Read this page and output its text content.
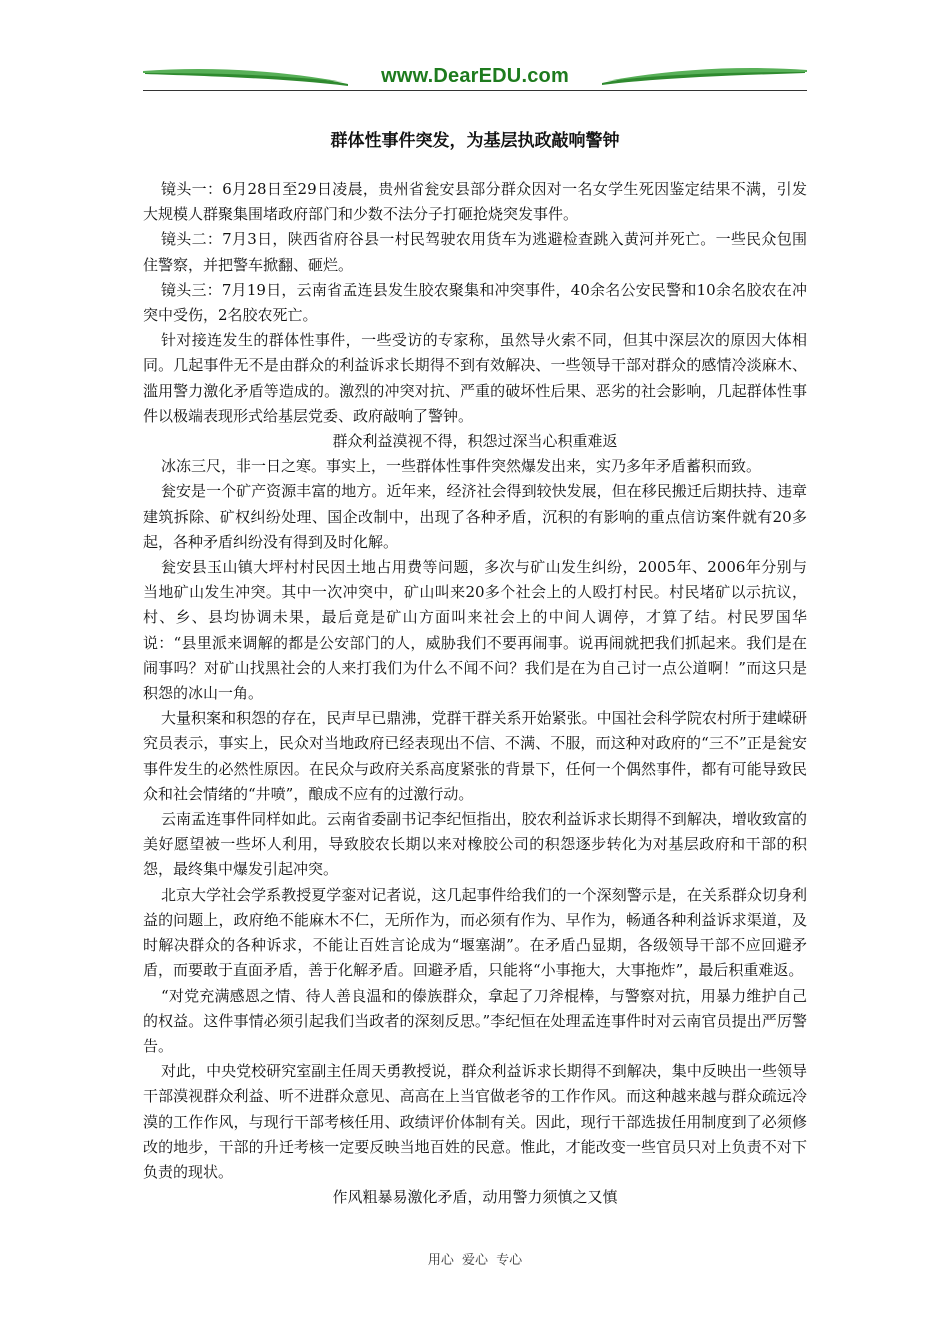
www.DearEDU.com
群体性事件突发，为基层执政敲响警钟

镜头一：6月28日至29日凌晨，贵州省瓮安县部分群众因对一名女学生死因鉴定结果不满，引发大规模人群聚集围堵政府部门和少数不法分子打砸抢烧突发事件。

镜头二：7月3日，陕西省府谷县一村民驾驶农用货车为逃避检查跳入黄河并死亡。一些民众包围住警察，并把警车掀翻、砸烂。

镜头三：7月19日，云南省孟连县发生胶农聚集和冲突事件，40余名公安民警和10余名胶农在冲突中受伤，2名胶农死亡。

针对接连发生的群体性事件，一些受访的专家称，虽然导火索不同，但其中深层次的原因大体相同。几起事件无不是由群众的利益诉求长期得不到有效解决、一些领导干部对群众的感情冷淡麻木、滥用警力激化矛盾等造成的。激烈的冲突对抗、严重的破坏性后果、恶劣的社会影响，几起群体性事件以极端表现形式给基层党委、政府敲响了警钟。

群众利益漠视不得，积怨过深当心积重难返

冰冻三尺，非一日之寒。事实上，一些群体性事件突然爆发出来，实乃多年矛盾蓄积而致。

瓮安是一个矿产资源丰富的地方。近年来，经济社会得到较快发展，但在移民搬迁后期扶持、违章建筑拆除、矿权纠纷处理、国企改制中，出现了各种矛盾，沉积的有影响的重点信访案件就有20多起，各种矛盾纠纷没有得到及时化解。

瓮安县玉山镇大坪村村民因土地占用费等问题，多次与矿山发生纠纷，2005年、2006年分别与当地矿山发生冲突。其中一次冲突中，矿山叫来20多个社会上的人殴打村民。村民堵矿以示抗议，村、乡、县均协调未果，最后竟是矿山方面叫来社会上的中间人调停，才算了结。村民罗国华说：“县里派来调解的都是公安部门的人，威胁我们不要再闹事。说再闹就把我们抓起来。我们是在闹事吗？对矿山找黑社会的人来打我们为什么不闻不问？我们是在为自己讨一点公道啊！”而这只是积怨的冰山一角。

大量积案和积怨的存在，民声早已鼎沸，党群干群关系开始紧张。中国社会科学院农村所于建嵘研究员表示，事实上，民众对当地政府已经表现出不信、不满、不服，而这种对政府的“三不”正是瓮安事件发生的必然性原因。在民众与政府关系高度紧张的背景下，任何一个偶然事件，都有可能导致民众和社会情绪的“井喷”，酿成不应有的过激行动。

云南孟连事件同样如此。云南省委副书记李纪恒指出，胶农利益诉求长期得不到解决，增收致富的美好愿望被一些坏人利用，导致胶农长期以来对橡胶公司的积怨逐步转化为对基层政府和干部的积怨，最终集中爆发引起冲突。

北京大学社会学系教授夏学銮对记者说，这几起事件给我们的一个深刻警示是，在关系群众切身利益的问题上，政府绝不能麻木不仁，无所作为，而必须有作为、早作为，畅通各种利益诉求渠道，及时解决群众的各种诉求，不能让百姓言论成为“堰塞湖”。在矛盾凸显期，各级领导干部不应回避矛盾，而要敢于直面矛盾，善于化解矛盾。回避矛盾，只能将“小事拖大，大事拖炸”，最后积重难返。

“对党充满感恩之情、待人善良温和的傣族群众，拿起了刀斧棍棒，与警察对抗，用暴力维护自己的权益。这件事情必须引起我们当政者的深刻反思。”李纪恒在处理孟连事件时对云南官员提出严厉警告。

对此，中央党校研究室副主任周天勇教授说，群众利益诉求长期得不到解决，集中反映出一些领导干部漠视群众利益、听不进群众意见、高高在上当官做老爷的工作作风。而这种越来越与群众疏远冷漠的工作作风，与现行干部考核任用、政绩评价体制有关。因此，现行干部选拔任用制度到了必须修改的地步，干部的升迁考核一定要反映当地百姓的民意。惟此，才能改变一些官员只对上负责不对下负责的现状。

作风粗暴易激化矛盾，动用警力须慎之又慎

用心 爱心 专心
